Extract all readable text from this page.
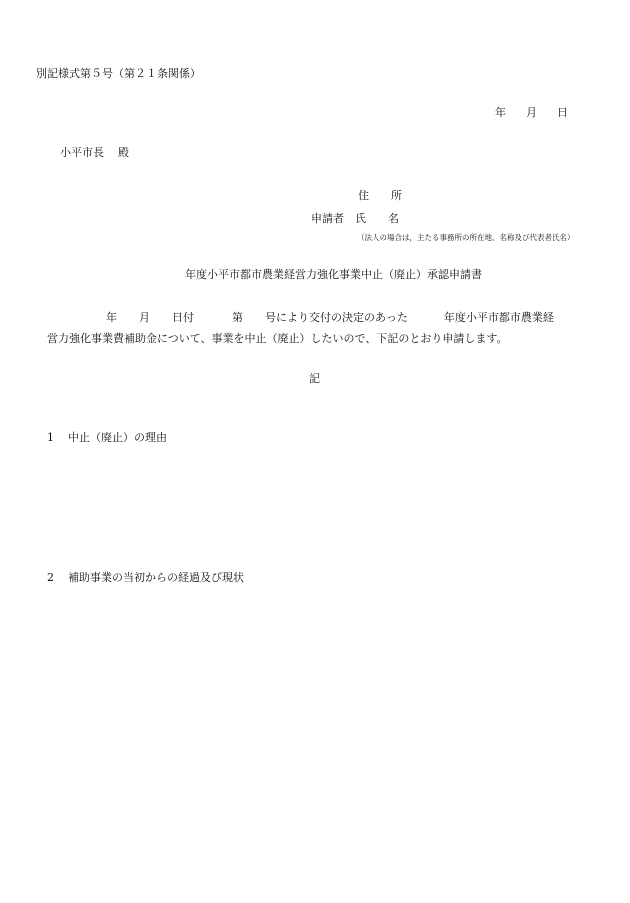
別記様式第５号（第２１条関係）
年 月 日
小平市長 殿
住 所
申請者 氏 名
（法人の場合は，主たる事務所の所在地、名称及び代表者氏名）
年度小平市都市農業経営力強化事業中止（廃止）承認申請書
年 月 日付	第 号により交付の決定のあった	年度小平市都市農業経
営力強化事業費補助金について、事業を中止（廃止）したいので、下記のとおり申請します。
記
1 中止（廃止）の理由
2 補助事業の当初からの経過及び現状
